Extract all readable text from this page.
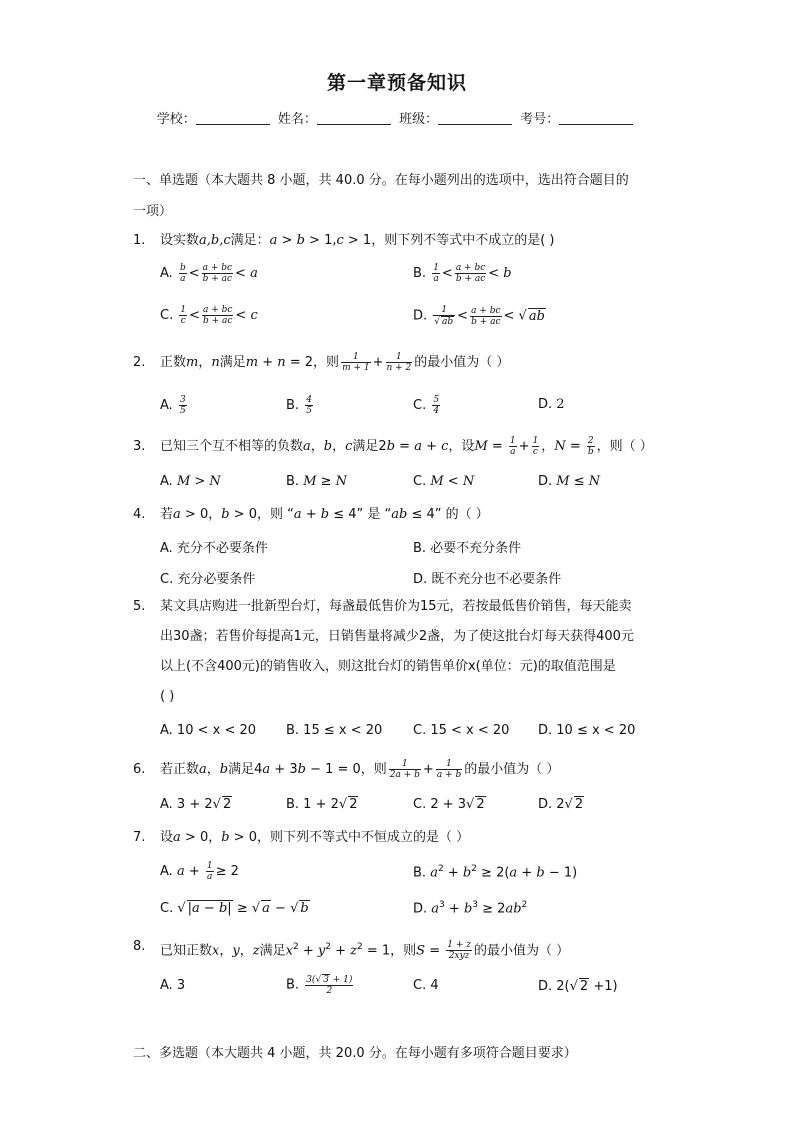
第一章预备知识
学校：	姓名：	班级：	考号：
一、单选题（本大题共 8 小题，共 40.0 分。在每小题列出的选项中，选出符合题目的
一项）
1. 设实数a,b,c满足：a > b > 1,c > 1，则下列不等式中不成立的是( )
A. $\frac{b}{a} < \frac{a + bc}{b + ac} < a$	B. $\frac{1}{a} < \frac{a + bc}{b + ac} < b$
C. $\frac{1}{c} < \frac{a + bc}{b + ac} < c$	D. $\frac{1}{√ ab} < \frac{a + bc}{b + ac}$ < √ ab
2. 正数m，n满足m + n = 2，则 $\frac{1}{m + 1} + \frac{1}{n + 2}$ 的最小值为（ ）
A. $\frac{3}{5}$	B. $\frac{4}{5}$	C. $\frac{5}{4}$	D. 2
3. 已知三个互不相等的负数a，b，c满足2b = a + c，设$M = \frac{1}{a} + \frac{1}{c}$ ，$N = \frac{2}{b}$ ，则（ ）
A. M > N	B. M ≥ N	C. M < N	D. M ≤ N
4. 若a > 0，b > 0，则 “a + b ≤ 4” 是 “ab ≤ 4” 的（ ）
A. 充分不必要条件	B. 必要不充分条件
C. 充分必要条件	D. 既不充分也不必要条件
5. 某文具店购进一批新型台灯，每盏最低售价为15元，若按最低售价销售，每天能卖
出30盏；若售价每提高1元，日销售量将减少2盏，为了使这批台灯每天获得400元
以上(不含400元)的销售收入，则这批台灯的销售单价x(单位：元)的取值范围是
( )
A. 10 < x < 20 B. 15 ≤ x < 20 C. 15 < x < 20 D. 10 ≤ x < 20
6. 若正数a，b满足4a + 3b − 1 = 0，则 $\frac{1}{2a + b} + \frac{1}{a + b}$ 的最小值为（ ）
A. 3 + 2√ 2	B. 1 + 2√ 2	C. 2 + 3√ 2	D. 2√ 2
7. 设a > 0，b > 0，则下列不等式中不恒成立的是（ ）
A. $a + \frac{1}{a} \ge 2$	B. $a^2 + b^2 \ge 2(a + b - 1)$
C. √ |a − b| ≥ √ a − √ b	D. $a^3 + b^3 \ge 2ab^2$
8. 已知正数x，y，z满足$x^2 + y^2 + z^2 = 1$，则$S = \frac{1 + z}{\text{2xyz}}$ 的最小值为（ ）
A. 3	B. $\frac{3(√ 3 + 1)}{2}$	C. 4	D. 2(√ 2 +1)
二、多选题（本大题共 4 小题，共 20.0 分。在每小题有多项符合题目要求）
